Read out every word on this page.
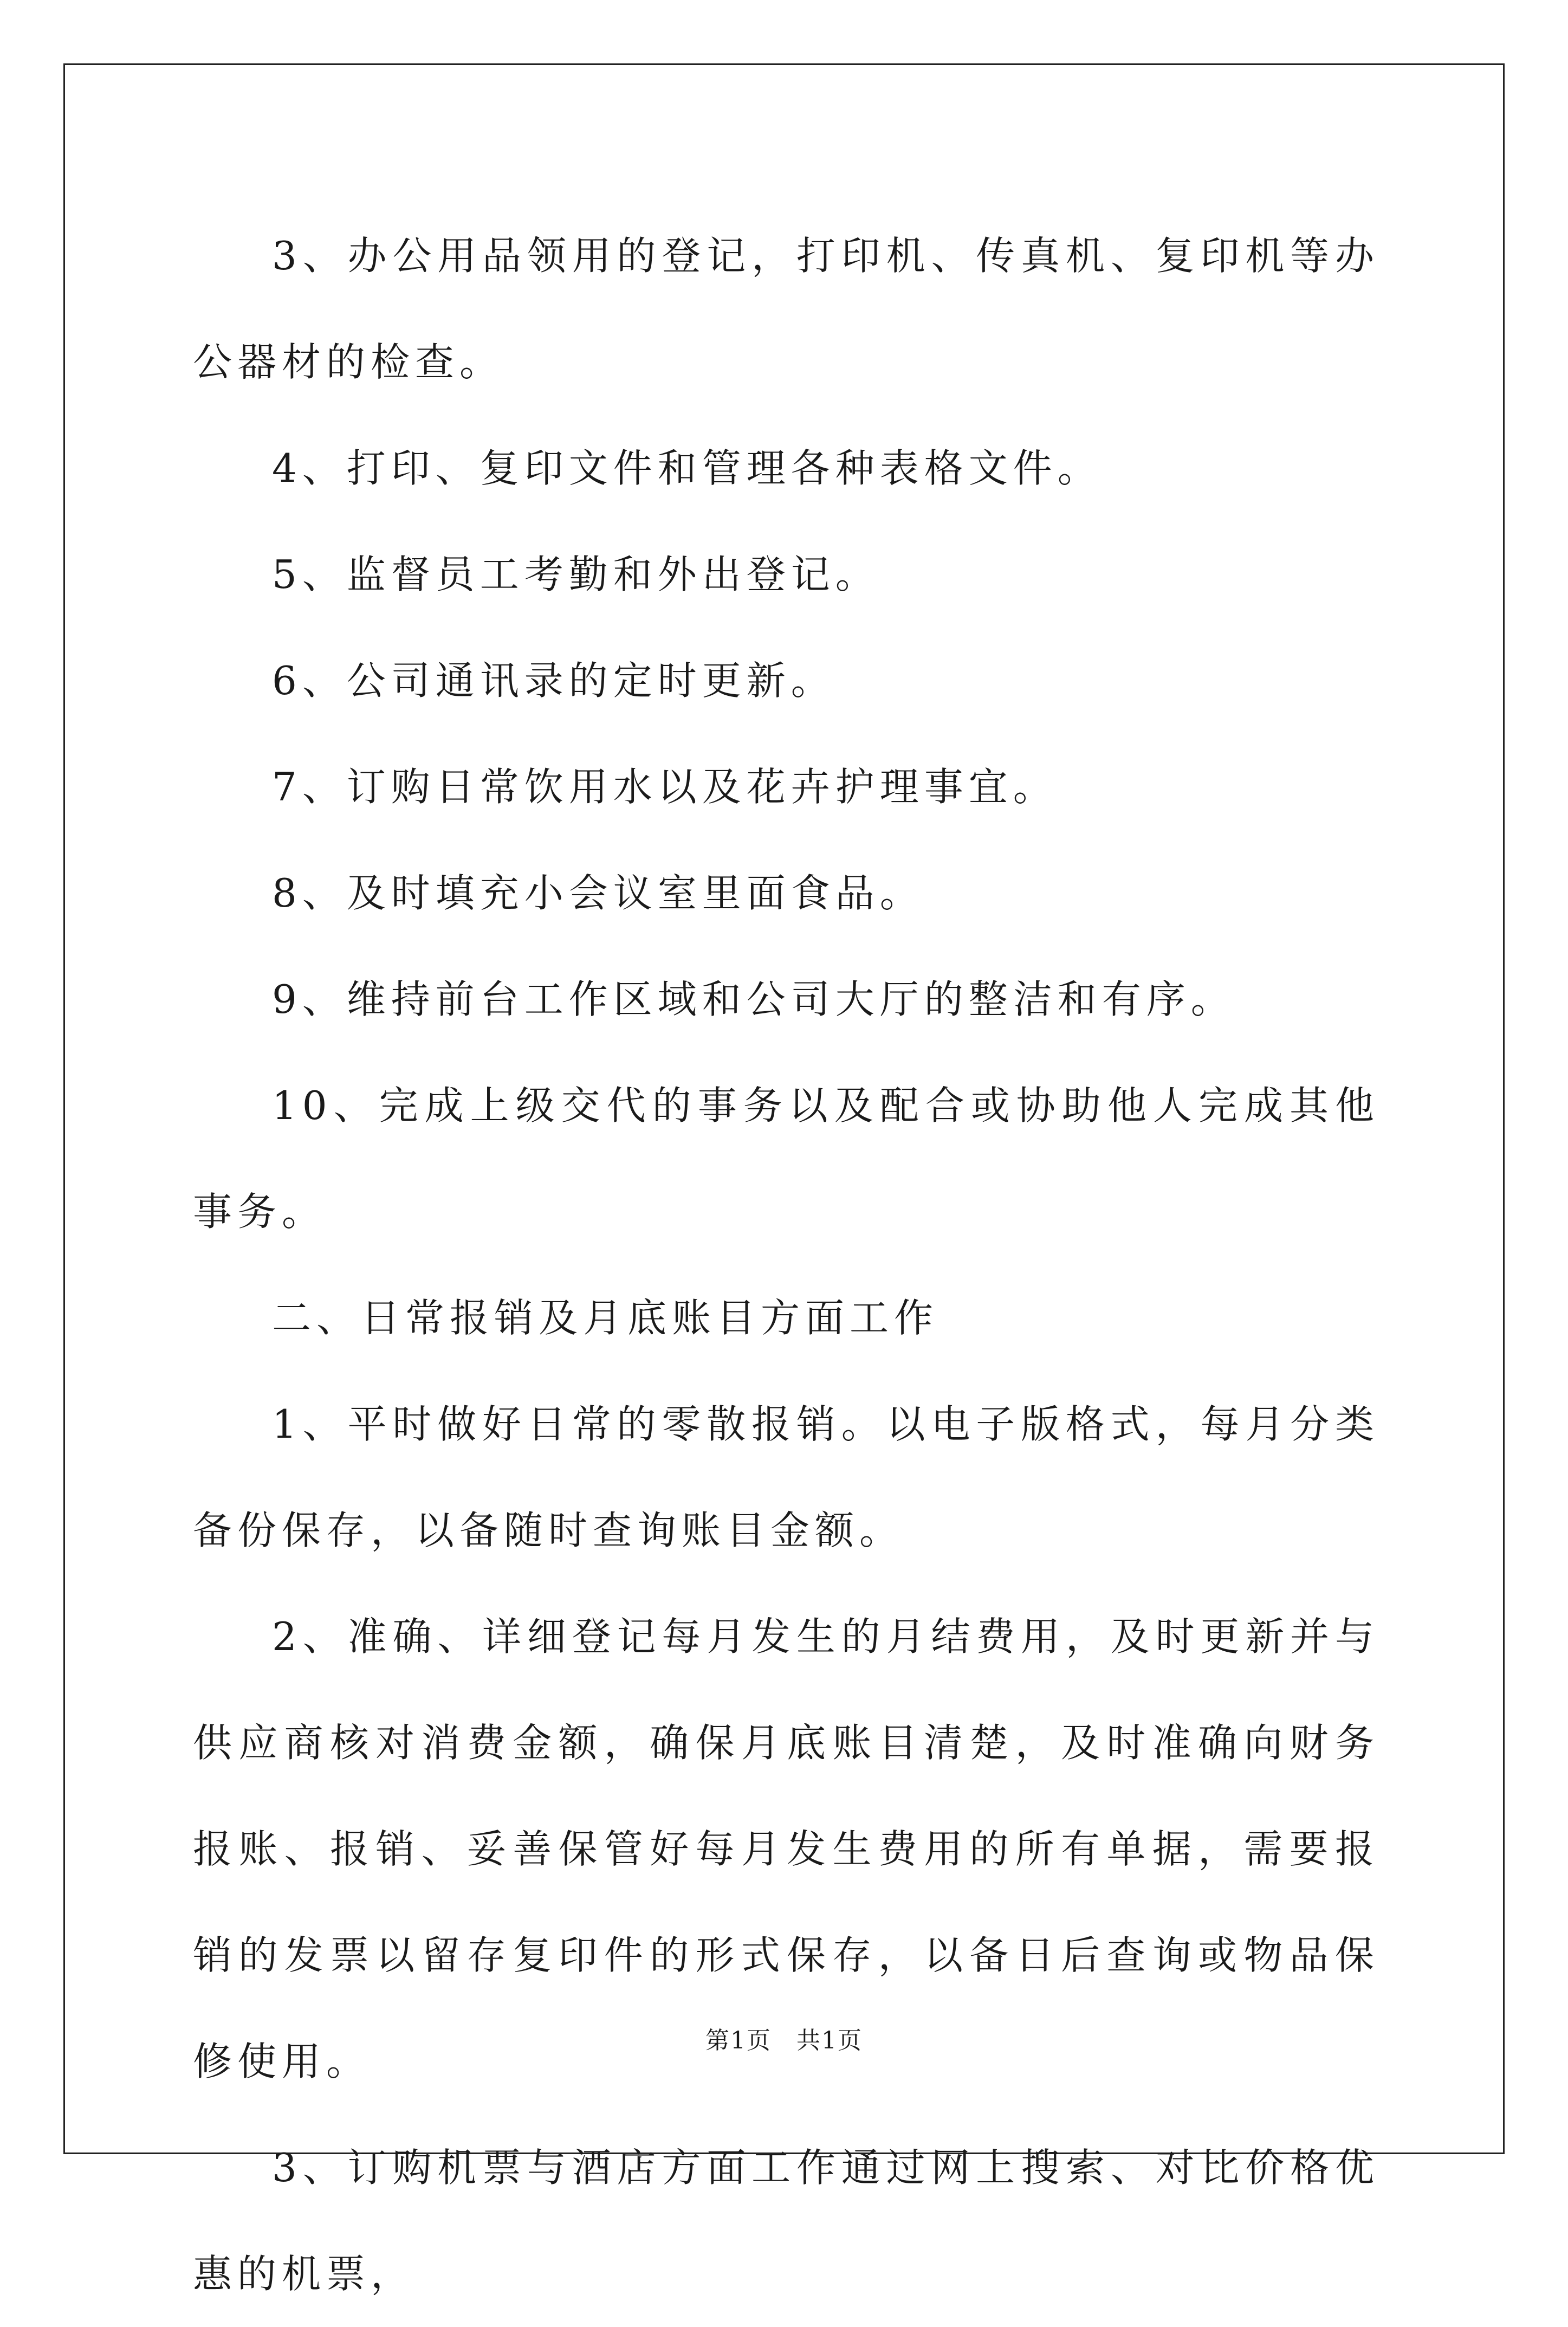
3、办公用品领用的登记，打印机、传真机、复印机等办公器材的检查。

4、打印、复印文件和管理各种表格文件。

5、监督员工考勤和外出登记。

6、公司通讯录的定时更新。

7、订购日常饮用水以及花卉护理事宜。

8、及时填充小会议室里面食品。

9、维持前台工作区域和公司大厅的整洁和有序。

10、完成上级交代的事务以及配合或协助他人完成其他事务。

二、日常报销及月底账目方面工作

1、平时做好日常的零散报销。以电子版格式，每月分类备份保存，以备随时查询账目金额。

2、准确、详细登记每月发生的月结费用，及时更新并与供应商核对消费金额，确保月底账目清楚，及时准确向财务报账、报销、妥善保管好每月发生费用的所有单据，需要报销的发票以留存复印件的形式保存，以备日后查询或物品保修使用。

3、订购机票与酒店方面工作通过网上搜索、对比价格优惠的机票，

第1页　共1页
